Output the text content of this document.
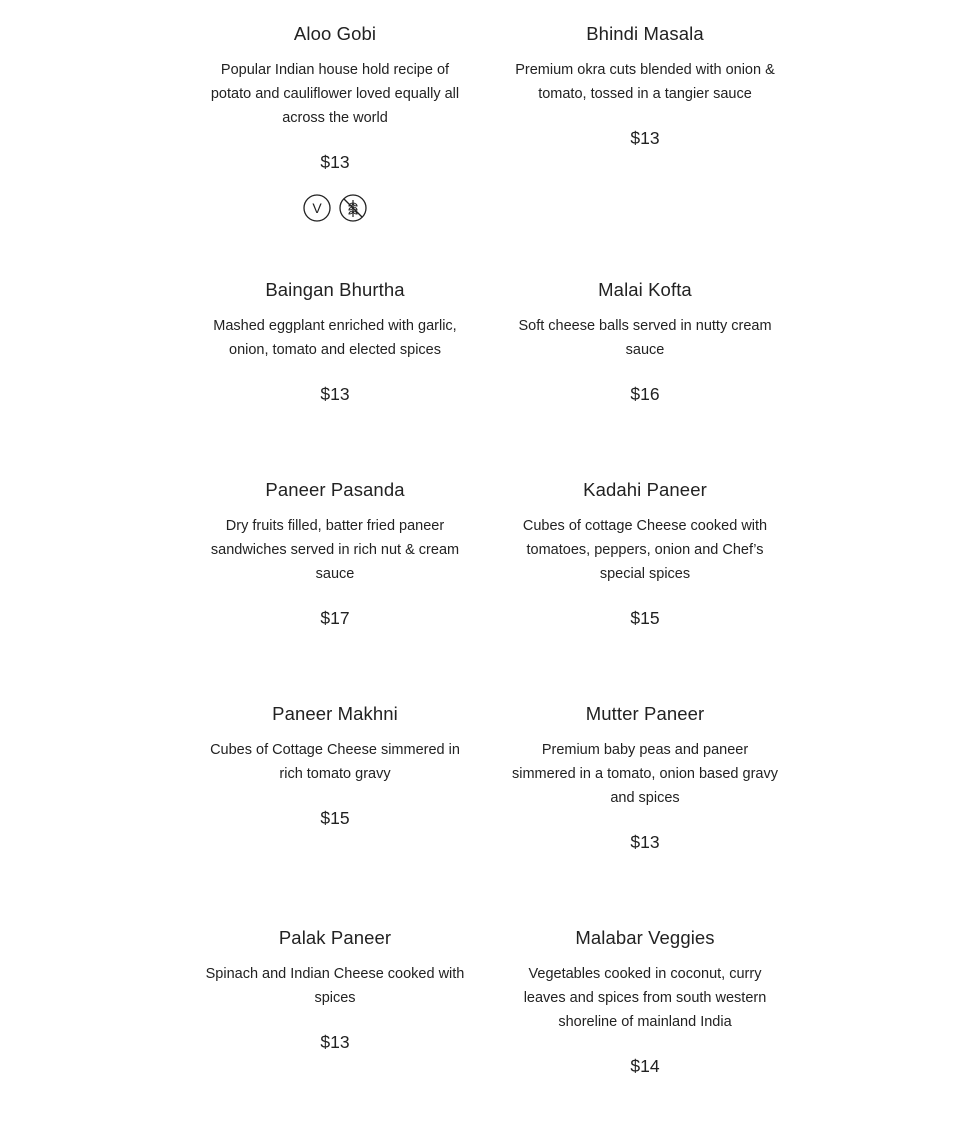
Aloo Gobi

Popular Indian house hold recipe of potato and cauliflower loved equally all across the world

$13
V
Bhindi Masala

Premium okra cuts blended with onion & tomato, tossed in a tangier sauce

$13
Baingan Bhurtha

Mashed eggplant enriched with garlic, onion, tomato and elected spices

$13
Malai Kofta

Soft cheese balls served in nutty cream sauce

$16
Paneer Pasanda

Dry fruits filled, batter fried paneer sandwiches served in rich nut & cream sauce

$17
Kadahi Paneer

Cubes of cottage Cheese cooked with tomatoes, peppers, onion and Chef’s special spices

$15
Paneer Makhni

Cubes of Cottage Cheese simmered in rich tomato gravy

$15
Mutter Paneer

Premium baby peas and paneer simmered in a tomato, onion based gravy and spices

$13
Palak Paneer

Spinach and Indian Cheese cooked with spices

$13
Malabar Veggies

Vegetables cooked in coconut, curry leaves and spices from south western shoreline of mainland India

$14
